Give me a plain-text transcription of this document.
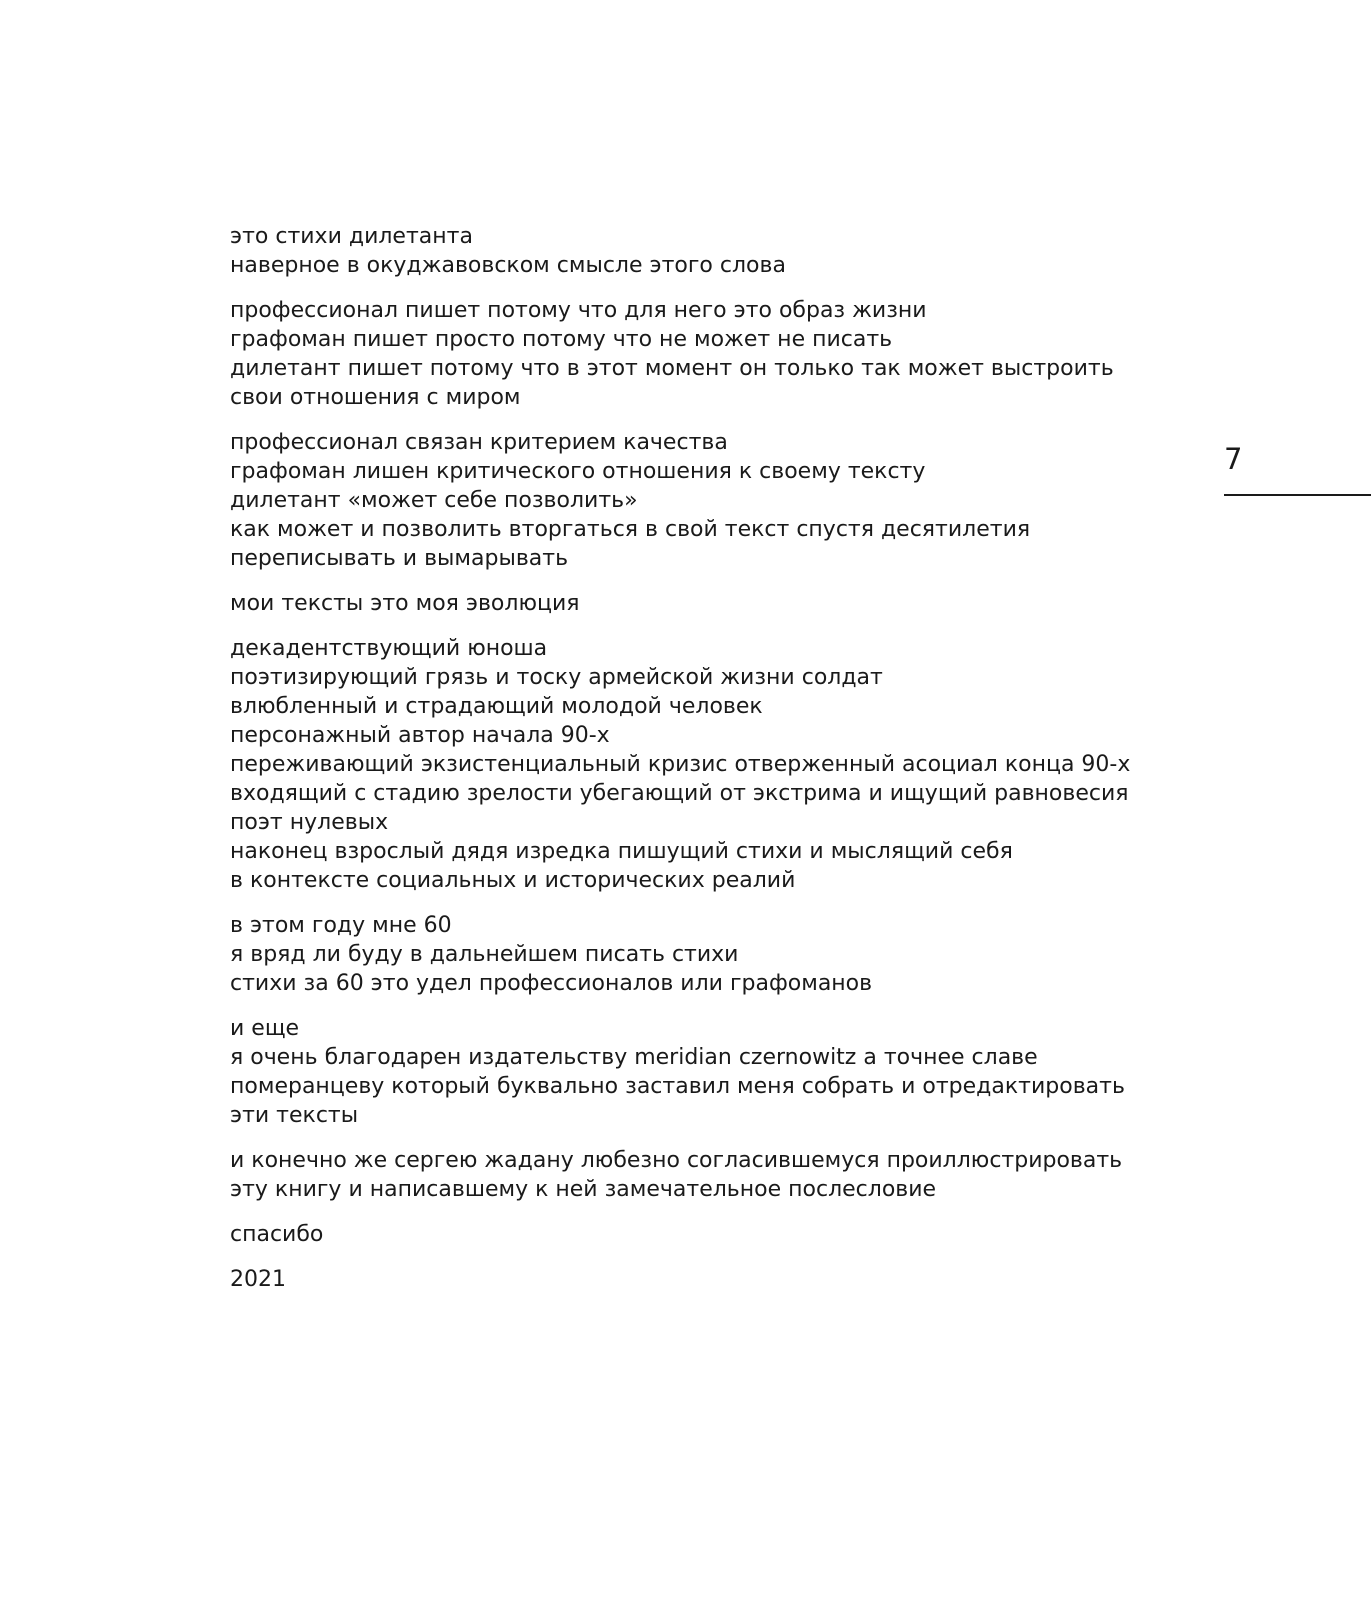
7
это стихи дилетанта
наверное в окуджавовском смысле этого слова
профессионал пишет потому что для него это образ жизни
графоман пишет просто потому что не может не писать
дилетант пишет потому что в этот момент он только так может выстроить
свои отношения с миром
профессионал связан критерием качества
графоман лишен критического отношения к своему тексту
дилетант «может себе позволить»
как может и позволить вторгаться в свой текст спустя десятилетия
переписывать и вымарывать
мои тексты это моя эволюция
декадентствующий юноша
поэтизирующий грязь и тоску армейской жизни солдат
влюбленный и страдающий молодой человек
персонажный автор начала 90-х
переживающий экзистенциальный кризис отверженный асоциал конца 90-х
входящий с стадию зрелости убегающий от экстрима и ищущий равновесия
поэт нулевых
наконец взрослый дядя изредка пишущий стихи и мыслящий себя
в контексте социальных и исторических реалий
в этом году мне 60
я вряд ли буду в дальнейшем писать стихи
стихи за 60 это удел профессионалов или графоманов
и еще
я очень благодарен издательству meridian czernowitz а точнее славе
померанцеву который буквально заставил меня собрать и отредактировать
эти тексты
и конечно же сергею жадану любезно согласившемуся проиллюстрировать
эту книгу и написавшему к ней замечательное послесловие
спасибо
2021
